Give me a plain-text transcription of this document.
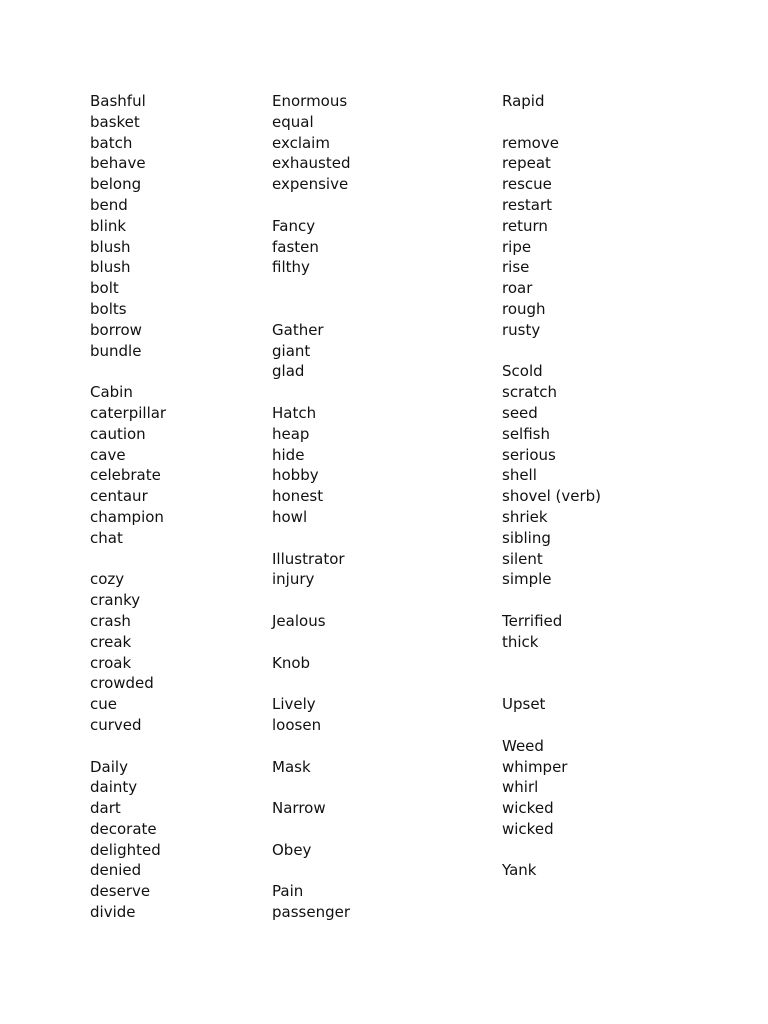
Bashful
basket
batch
behave
belong
bend
blink
blush
blush
bolt
bolts
borrow
bundle
Cabin
caterpillar
caution
cave
celebrate
centaur
champion
chat
cozy
cranky
crash
creak
croak
crowded
cue
curved
Daily
dainty
dart
decorate
delighted
denied
deserve
divide
Enormous
equal
exclaim
exhausted
expensive
Fancy
fasten
filthy
Gather
giant
glad
Hatch
heap
hide
hobby
honest
howl
Illustrator
injury
Jealous
Knob
Lively
loosen
Mask
Narrow
Obey
Pain
passenger
Rapid
remove
repeat
rescue
restart
return
ripe
rise
roar
rough
rusty
Scold
scratch
seed
selfish
serious
shell
shovel (verb)
shriek
sibling
silent
simple
Terrified
thick
Upset
Weed
whimper
whirl
wicked
wicked
Yank
